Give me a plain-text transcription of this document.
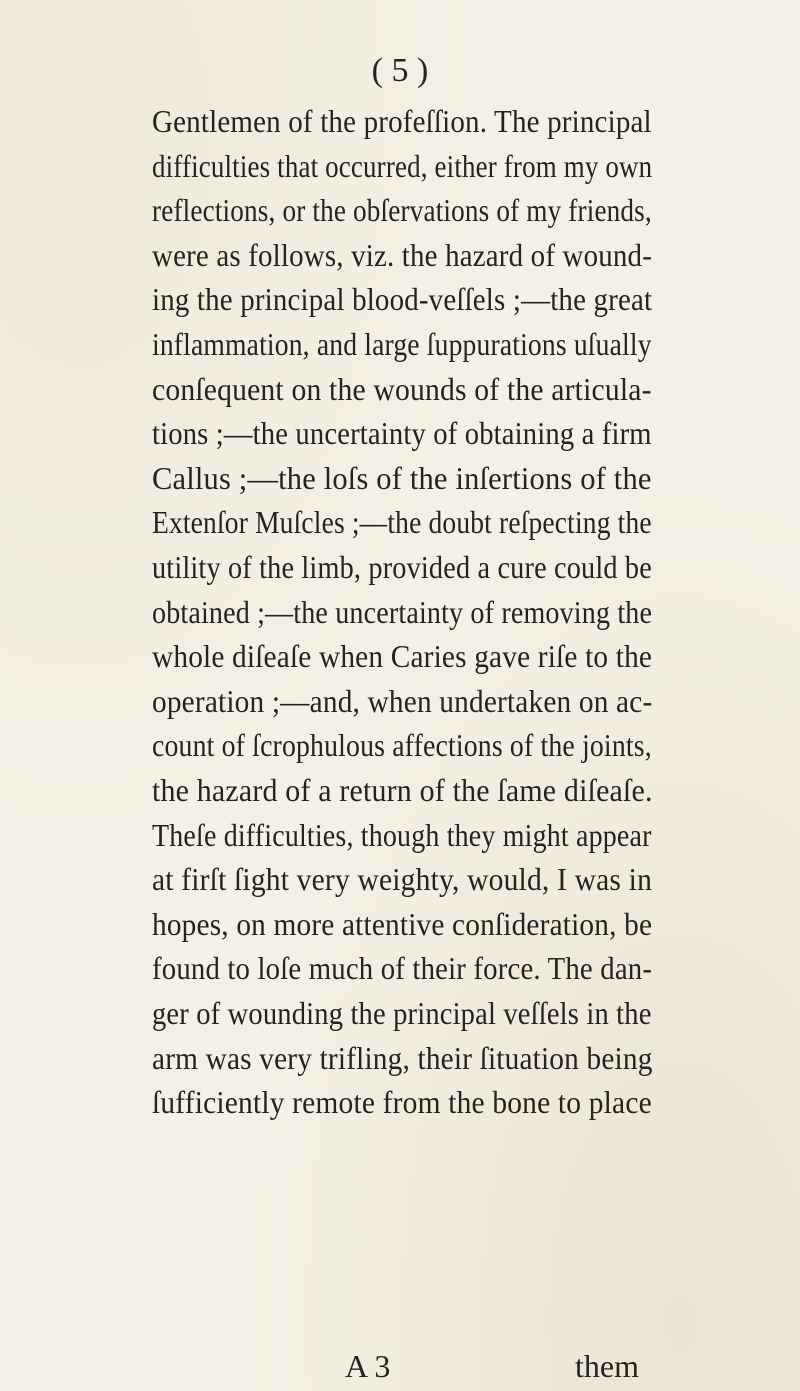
( 5 )
Gentlemen of the profeſſion. The principal
difficulties that occurred, either from my own
reflections, or the obſervations of my friends,
were as follows, viz. the hazard of wound-
ing the principal blood-veſſels ;—the great
inflammation, and large ſuppurations uſually
conſequent on the wounds of the articula-
tions ;—the uncertainty of obtaining a firm
Callus ;—the loſs of the inſertions of the
Extenſor Muſcles ;—the doubt reſpecting the
utility of the limb, provided a cure could be
obtained ;—the uncertainty of removing the
whole diſeaſe when Caries gave riſe to the
operation ;—and, when undertaken on ac-
count of ſcrophulous affections of the joints,
the hazard of a return of the ſame diſeaſe.
Theſe difficulties, though they might appear
at firſt ſight very weighty, would, I was in
hopes, on more attentive conſideration, be
found to loſe much of their force. The dan-
ger of wounding the principal veſſels in the
arm was very trifling, their ſituation being
ſufficiently remote from the bone to place
A 3	them
